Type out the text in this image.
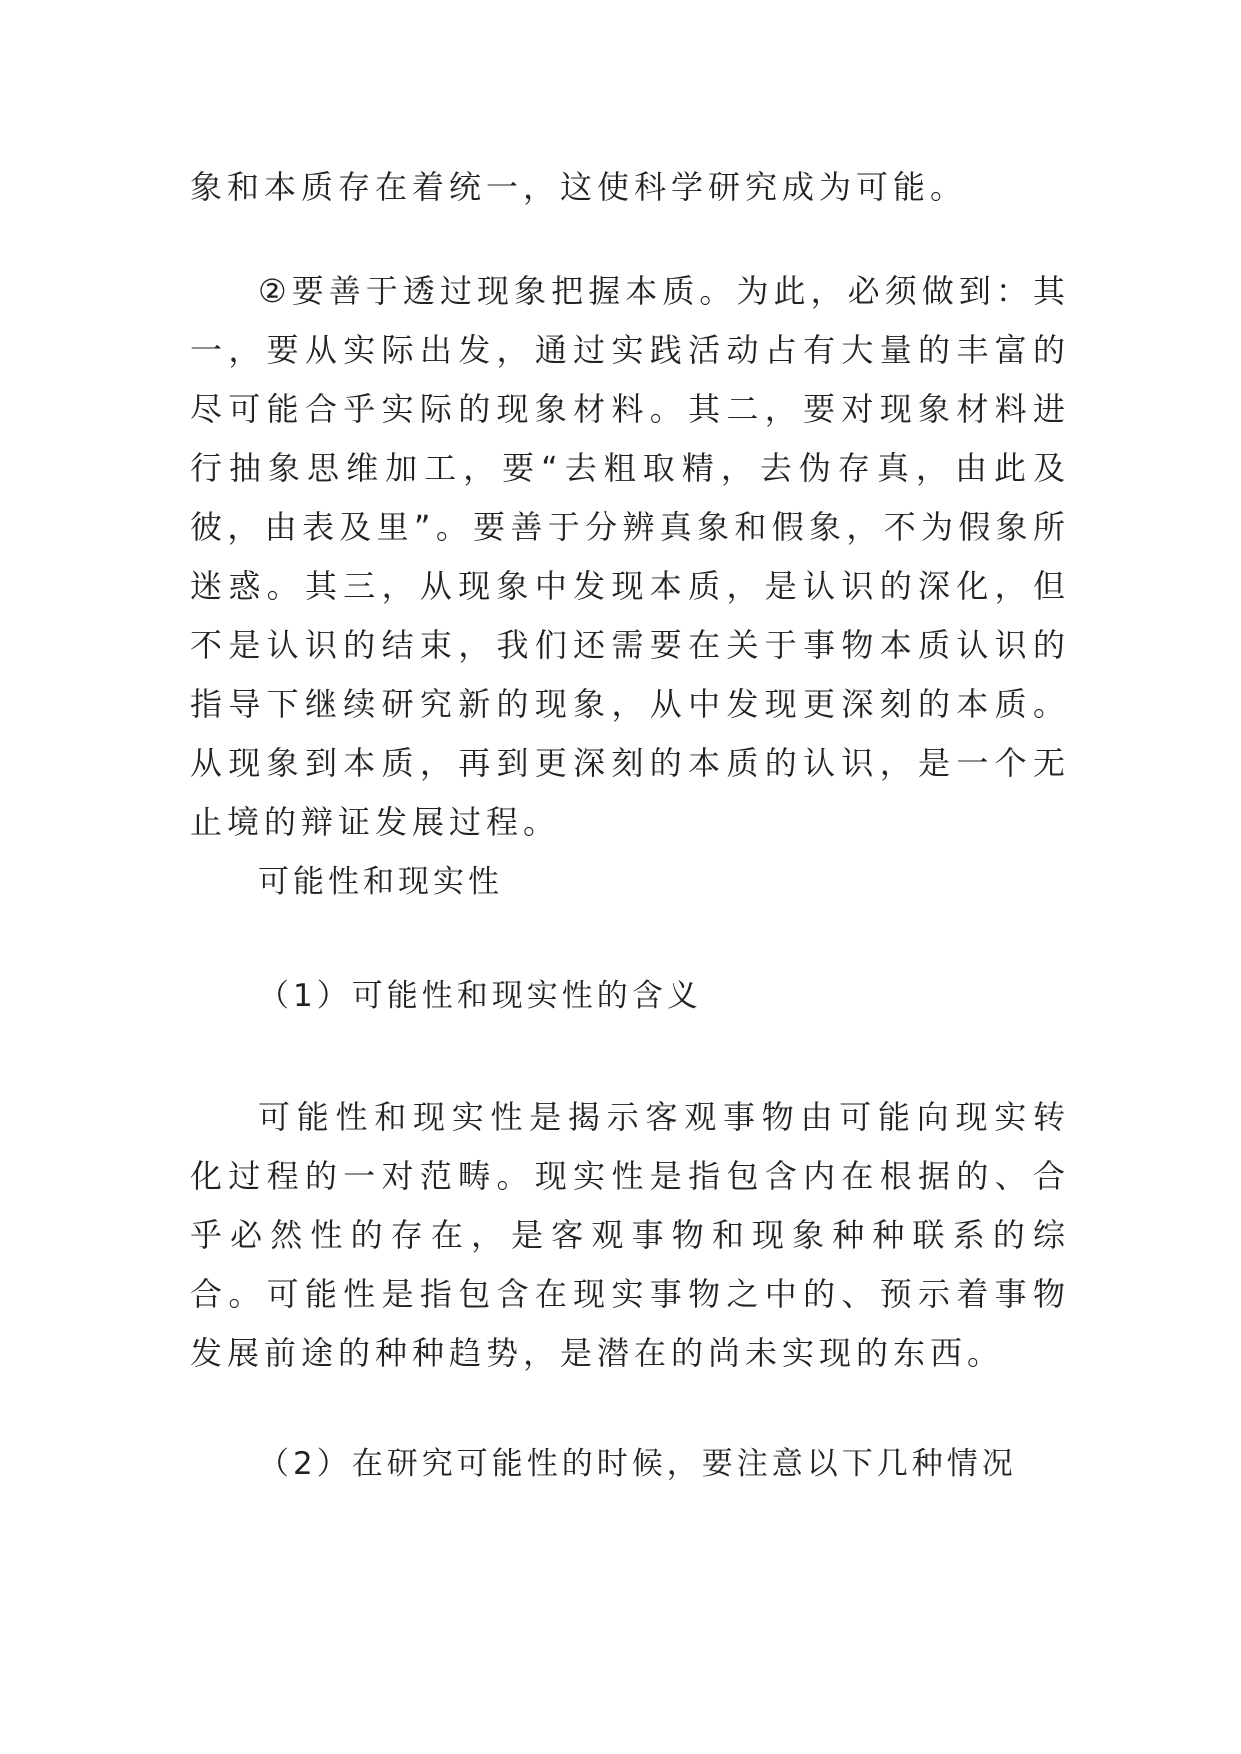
象和本质存在着统一，这使科学研究成为可能。

②要善于透过现象把握本质。为此，必须做到：其一，要从实际出发，通过实践活动占有大量的丰富的尽可能合乎实际的现象材料。其二，要对现象材料进行抽象思维加工，要“去粗取精，去伪存真，由此及彼，由表及里”。要善于分辨真象和假象，不为假象所迷惑。其三，从现象中发现本质，是认识的深化，但不是认识的结束，我们还需要在关于事物本质认识的指导下继续研究新的现象，从中发现更深刻的本质。从现象到本质，再到更深刻的本质的认识，是一个无止境的辩证发展过程。

可能性和现实性

（1）可能性和现实性的含义

可能性和现实性是揭示客观事物由可能向现实转化过程的一对范畴。现实性是指包含内在根据的、合乎必然性的存在，是客观事物和现象种种联系的综合。可能性是指包含在现实事物之中的、预示着事物发展前途的种种趋势，是潜在的尚未实现的东西。

（2）在研究可能性的时候，要注意以下几种情况
